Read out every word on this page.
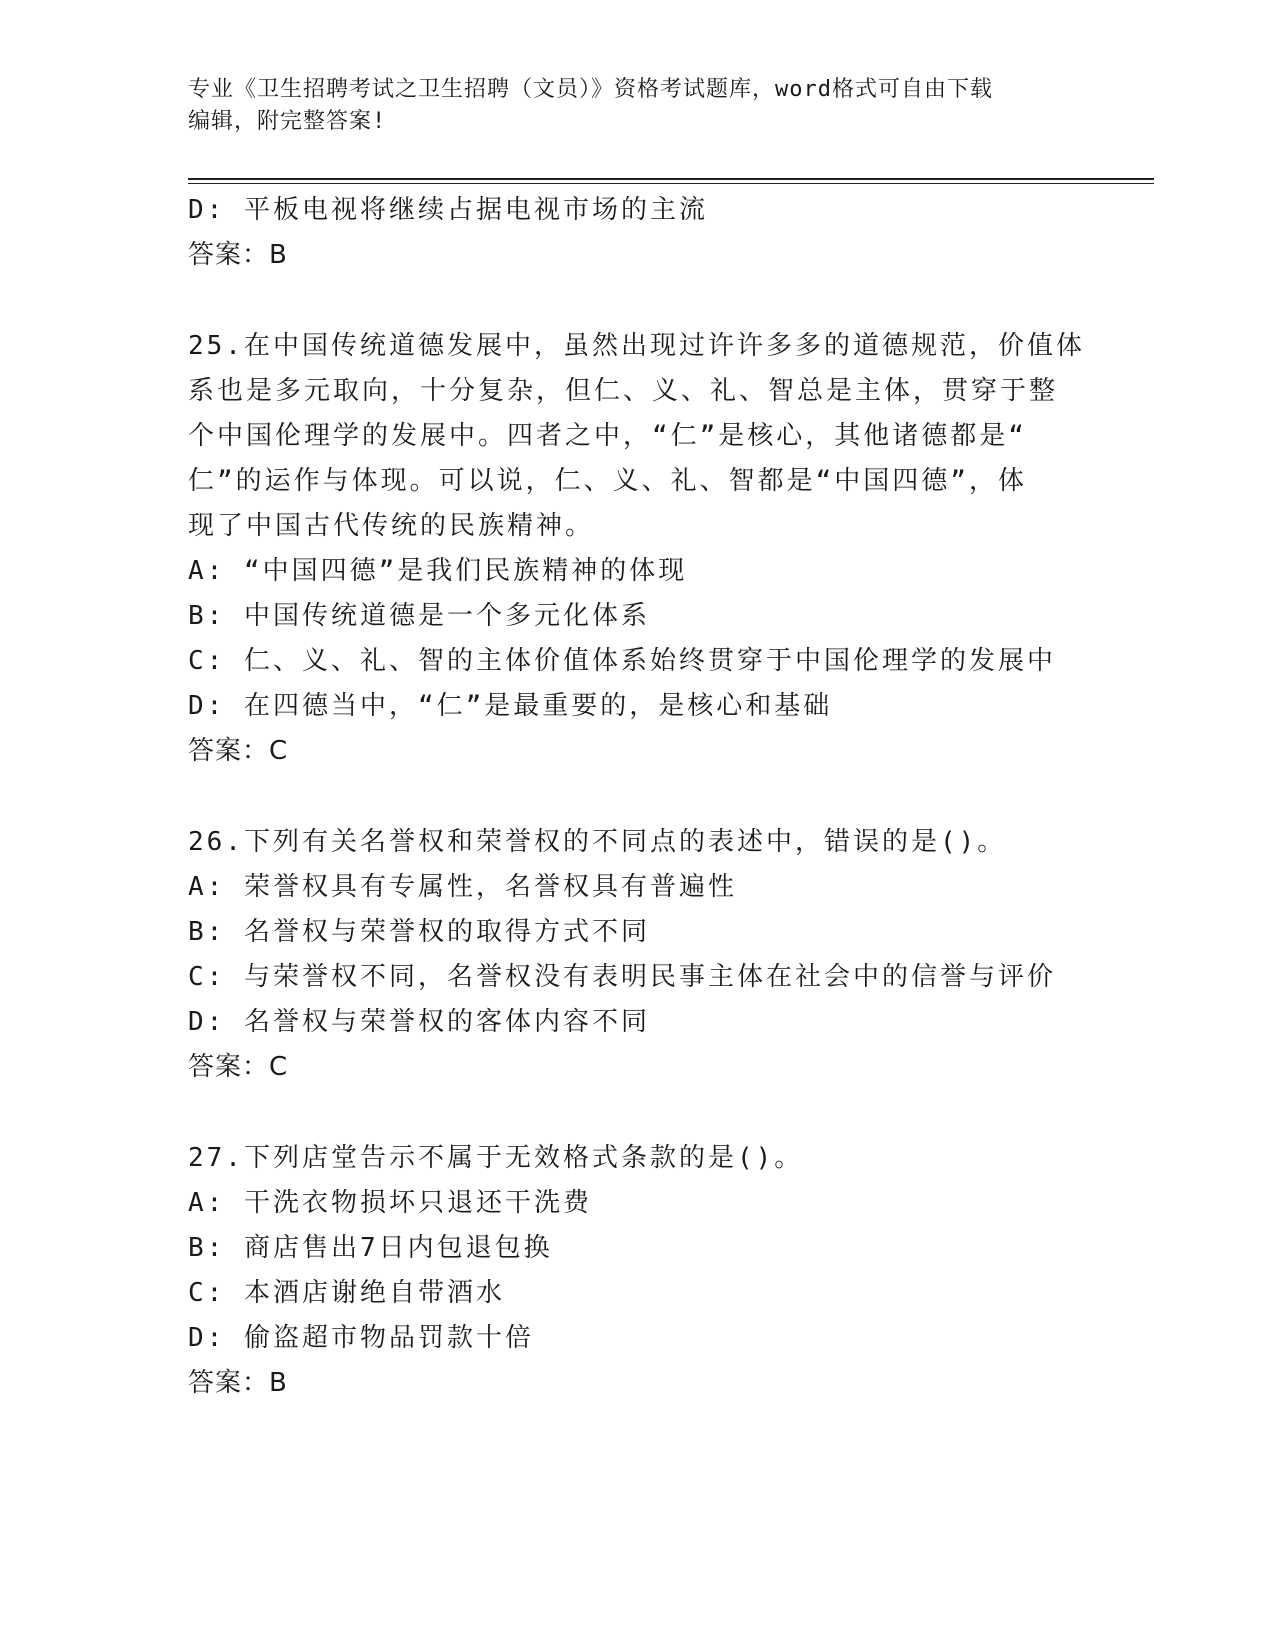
专业《卫生招聘考试之卫生招聘（文员）》资格考试题库，word格式可自由下载
编辑，附完整答案!
D: 平板电视将继续占据电视市场的主流
答案：B
25.在中国传统道德发展中，虽然出现过许许多多的道德规范，价值体
系也是多元取向，十分复杂，但仁、义、礼、智总是主体，贯穿于整
个中国伦理学的发展中。四者之中，“仁”是核心，其他诸德都是“
仁”的运作与体现。可以说，仁、义、礼、智都是“中国四德”，体
现了中国古代传统的民族精神。
A: “中国四德”是我们民族精神的体现
B: 中国传统道德是一个多元化体系
C: 仁、义、礼、智的主体价值体系始终贯穿于中国伦理学的发展中
D: 在四德当中，“仁”是最重要的，是核心和基础
答案：C
26.下列有关名誉权和荣誉权的不同点的表述中，错误的是()。
A: 荣誉权具有专属性，名誉权具有普遍性
B: 名誉权与荣誉权的取得方式不同
C: 与荣誉权不同，名誉权没有表明民事主体在社会中的信誉与评价
D: 名誉权与荣誉权的客体内容不同
答案：C
27.下列店堂告示不属于无效格式条款的是()。
A: 干洗衣物损坏只退还干洗费
B: 商店售出7日内包退包换
C: 本酒店谢绝自带酒水
D: 偷盗超市物品罚款十倍
答案：B
